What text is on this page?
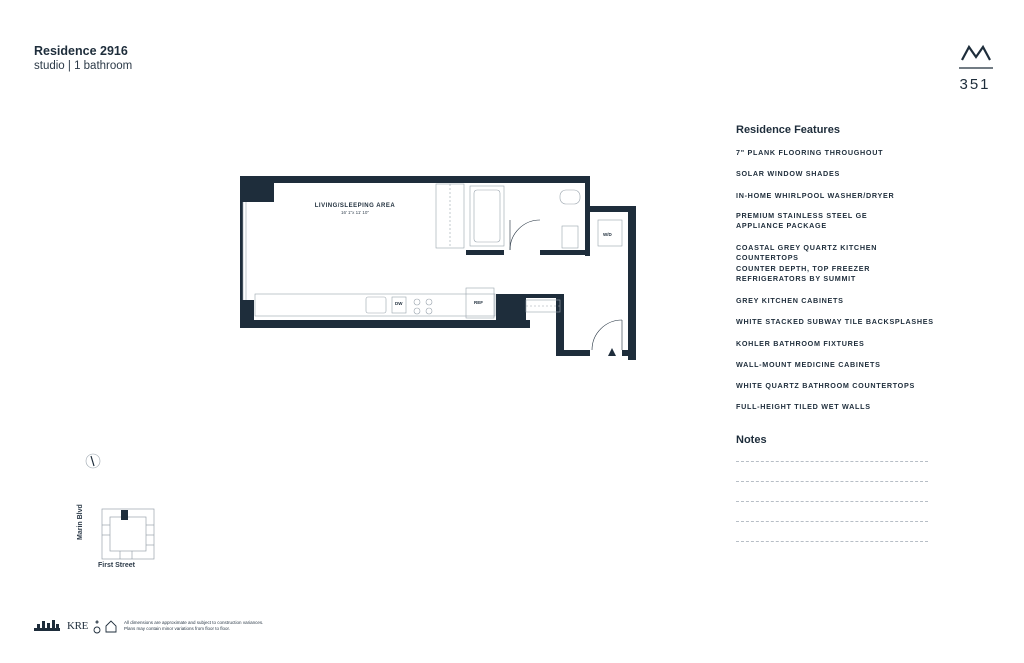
Residence 2916
studio | 1 bathroom
351
LIVING/SLEEPING AREA
16' 1"x 11' 10"
DW	REF
W/D
Residence Features
7" PLANK FLOORING THROUGHOUT
SOLAR WINDOW SHADES
IN-HOME WHIRLPOOL WASHER/DRYER
PREMIUM STAINLESS STEEL GE APPLIANCE PACKAGE
COASTAL GREY QUARTZ KITCHEN COUNTERTOPS
COUNTER DEPTH, TOP FREEZER REFRIGERATORS BY SUMMIT
GREY KITCHEN CABINETS
WHITE STACKED SUBWAY TILE BACKSPLASHES
KOHLER BATHROOM FIXTURES
WALL-MOUNT MEDICINE CABINETS
WHITE QUARTZ BATHROOM COUNTERTOPS
FULL-HEIGHT TILED WET WALLS
Notes
Marin Blvd
First Street
KRE	All dimensions are approximate and subject to construction variances.
Plans may contain minor variations from floor to floor.
